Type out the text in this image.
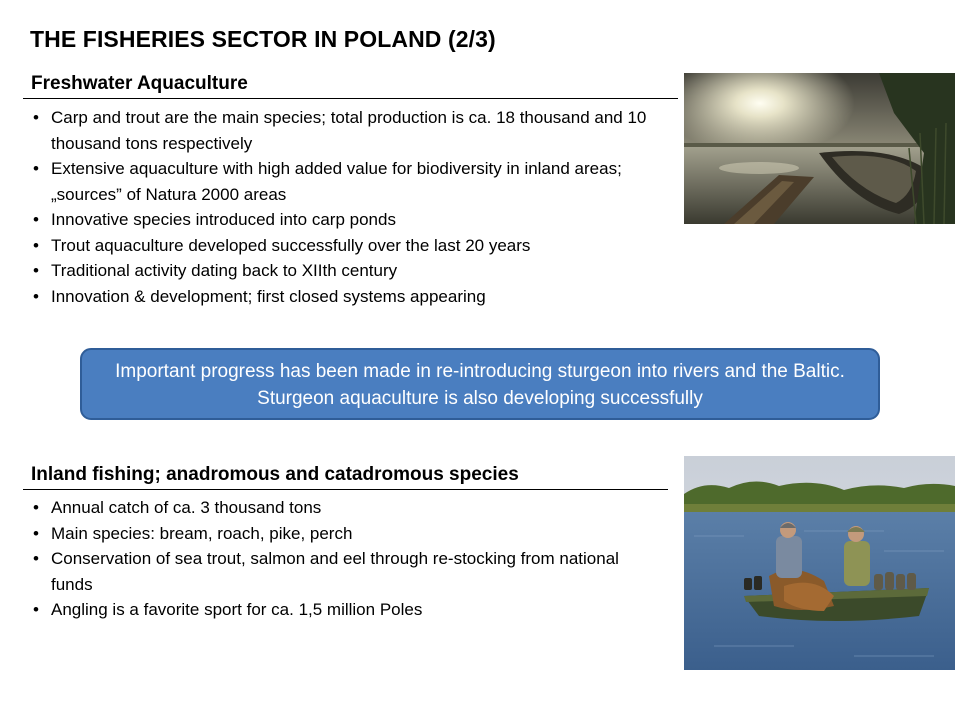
THE FISHERIES SECTOR IN POLAND (2/3)
Freshwater Aquaculture
• Carp and trout are the main species; total production is ca. 18 thousand and 10 thousand tons respectively
• Extensive aquaculture with high added value for biodiversity in inland areas; „sources” of Natura 2000 areas
• Innovative species introduced into carp ponds
• Trout aquaculture developed successfully over the last 20 years
• Traditional activity dating back to XIIth century
• Innovation & development; first closed systems appearing
Important progress has been made in re-introducing sturgeon into rivers and the Baltic. Sturgeon aquaculture is also developing successfully
Inland fishing; anadromous and catadromous species
• Annual catch of ca. 3 thousand tons
• Main species: bream, roach, pike, perch
• Conservation of sea trout, salmon and eel through re-stocking from national funds
• Angling is a favorite sport for ca. 1,5 million Poles
